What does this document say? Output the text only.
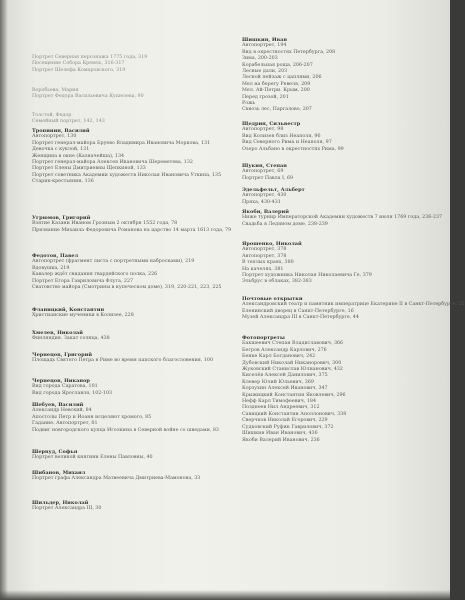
Портрет Северная персонажа 1775 года, 319
Посещение Собора Кремль, 316-317
Портрет Шелефа Комаровского, 319
Воробьева, Мария
Портрет Федора Васильевича Кушелева, 90
Толстой, Федор
Семейный портрет, 142, 143
Тропинин, Василий
Автопортрет, 130
Портрет генерал-майора Бруево Владимира Ивановича Моркова, 131
Девочка с куклой, 131
Женщина в окне (Казначейша), 134
Портрет генерал-майора Алексея Ивановича Шереметева, 132
Портрет Елены Дмитриевны Щепкиной, 133
Портрет советника Академии художеств Николая Ивановича Уткина, 135
Старик-крестьянин, 136
Угрюмов, Григорий
Взятие Казани Иваном Грозным 2 октября 1552 года, 78
Призвание Михаила Федоровича Романова на царство 14 марта 1613 года, 79
Федотов, Павел
Автопортрет (фрагмент листа с портретными набросками), 219
Вдовушка, 219
Кавалер ждёт свидания гвардейского полка, 226
Портрет Егора Гавриловича Флуга, 227
Сватовство майора (Смотрины в купеческом доме), 319, 220-221, 223, 225
Фланицкий, Константин
Христианские мученики в Колизее, 228
Хмелев, Николай
Финляндия. Закат солнца, 438
Чернецов, Григорий
Площадь Святого Петра в Риме во время папского благословения, 100
Чернецов, Никанор
Вид города Саратова, 101
Вид города Ярославля, 102-103
Шебуев, Василий
Александр Невский, 84
Апостолы Петр и Иоанн исцеляют хромого, 85
Гадание. Автопортрет, 81
Подвиг новгородского купца Иголкина в Северной войне со шведами, 83
Шервуд, Софья
Портрет великой княгини Елены Павловны, 40
Шибанов, Михаил
Портрет графа Александра Матвеевича Дмитриева-Мамонова, 33
Шильдер, Николай
Портрет Александра III, 30
Шишкин, Иван
Автопортрет, 194
Вид в окрестностях Петербурга, 208
Зима, 200-203
Корабельная роща, 206-207
Лесные дали, 203
Лесной пейзаж с цаплями, 206
Мел на берегу Ревеля, 209
Мел. Ай-Петри. Крым, 200
Перед грозой, 201
Рожь
Сквозь лес, Паргалово, 207
Щедрин, Сильвестр
Автопортрет, 98
Вид Колизея близ Неаполя, 96
Вид Северного Рима и Неаполя, 97
Озеро Альбано в окрестностях Рима, 99
Щукин, Степан
Автопортрет, 69
Портрет Павла I, 69
Эдельфельт, Альберт
Автопортрет, 430
Пряха, 430-431
Якоби, Валерий
Ниже турнир Императорской Академии художеств 7 июля 1769 года, 236-237
Свадьба в Ледяном доме, 238-239
Ярошенко, Николай
Автопортрет, 378
Автопортрет, 378
В теплых краях, 380
На качелях, 381
Портрет художника Николая Николаевича Ге, 379
Эльбрус в облаках, 382-383
Почтовые открытки
Александровский театр и памятник императрице Екатерине II в Санкт-Петербурге, 25
Еленинский дворец в Санкт-Петербурге, 16
Музей Александра III в Санкт-Петербурге, 44
Фотопортреты
Бакшеевич Степан Владиславович, 366
Бегров Александр Карлович, 276
Бенке Карл Богданович, 242
Дубовский Николай Никанорович, 300
Жуковский Станислав Юлианович, 432
Киселёв Алексей Данилович, 375
Клевер Юлий Юльевич, 369
Корзухин Алексей Иванович, 347
Крыжицкий Константин Яковлевич, 296
Нефф Карл Тимофеевич, 184
Позднеев Нил Андреевич, 312
Савицкий Константин Аполлонович, 338
Сверчков Николай Егорович, 229
Судковский Руфин Гаврилович, 372
Шишкин Иван Иванович, 436
Якоби Валерий Иванович, 236
